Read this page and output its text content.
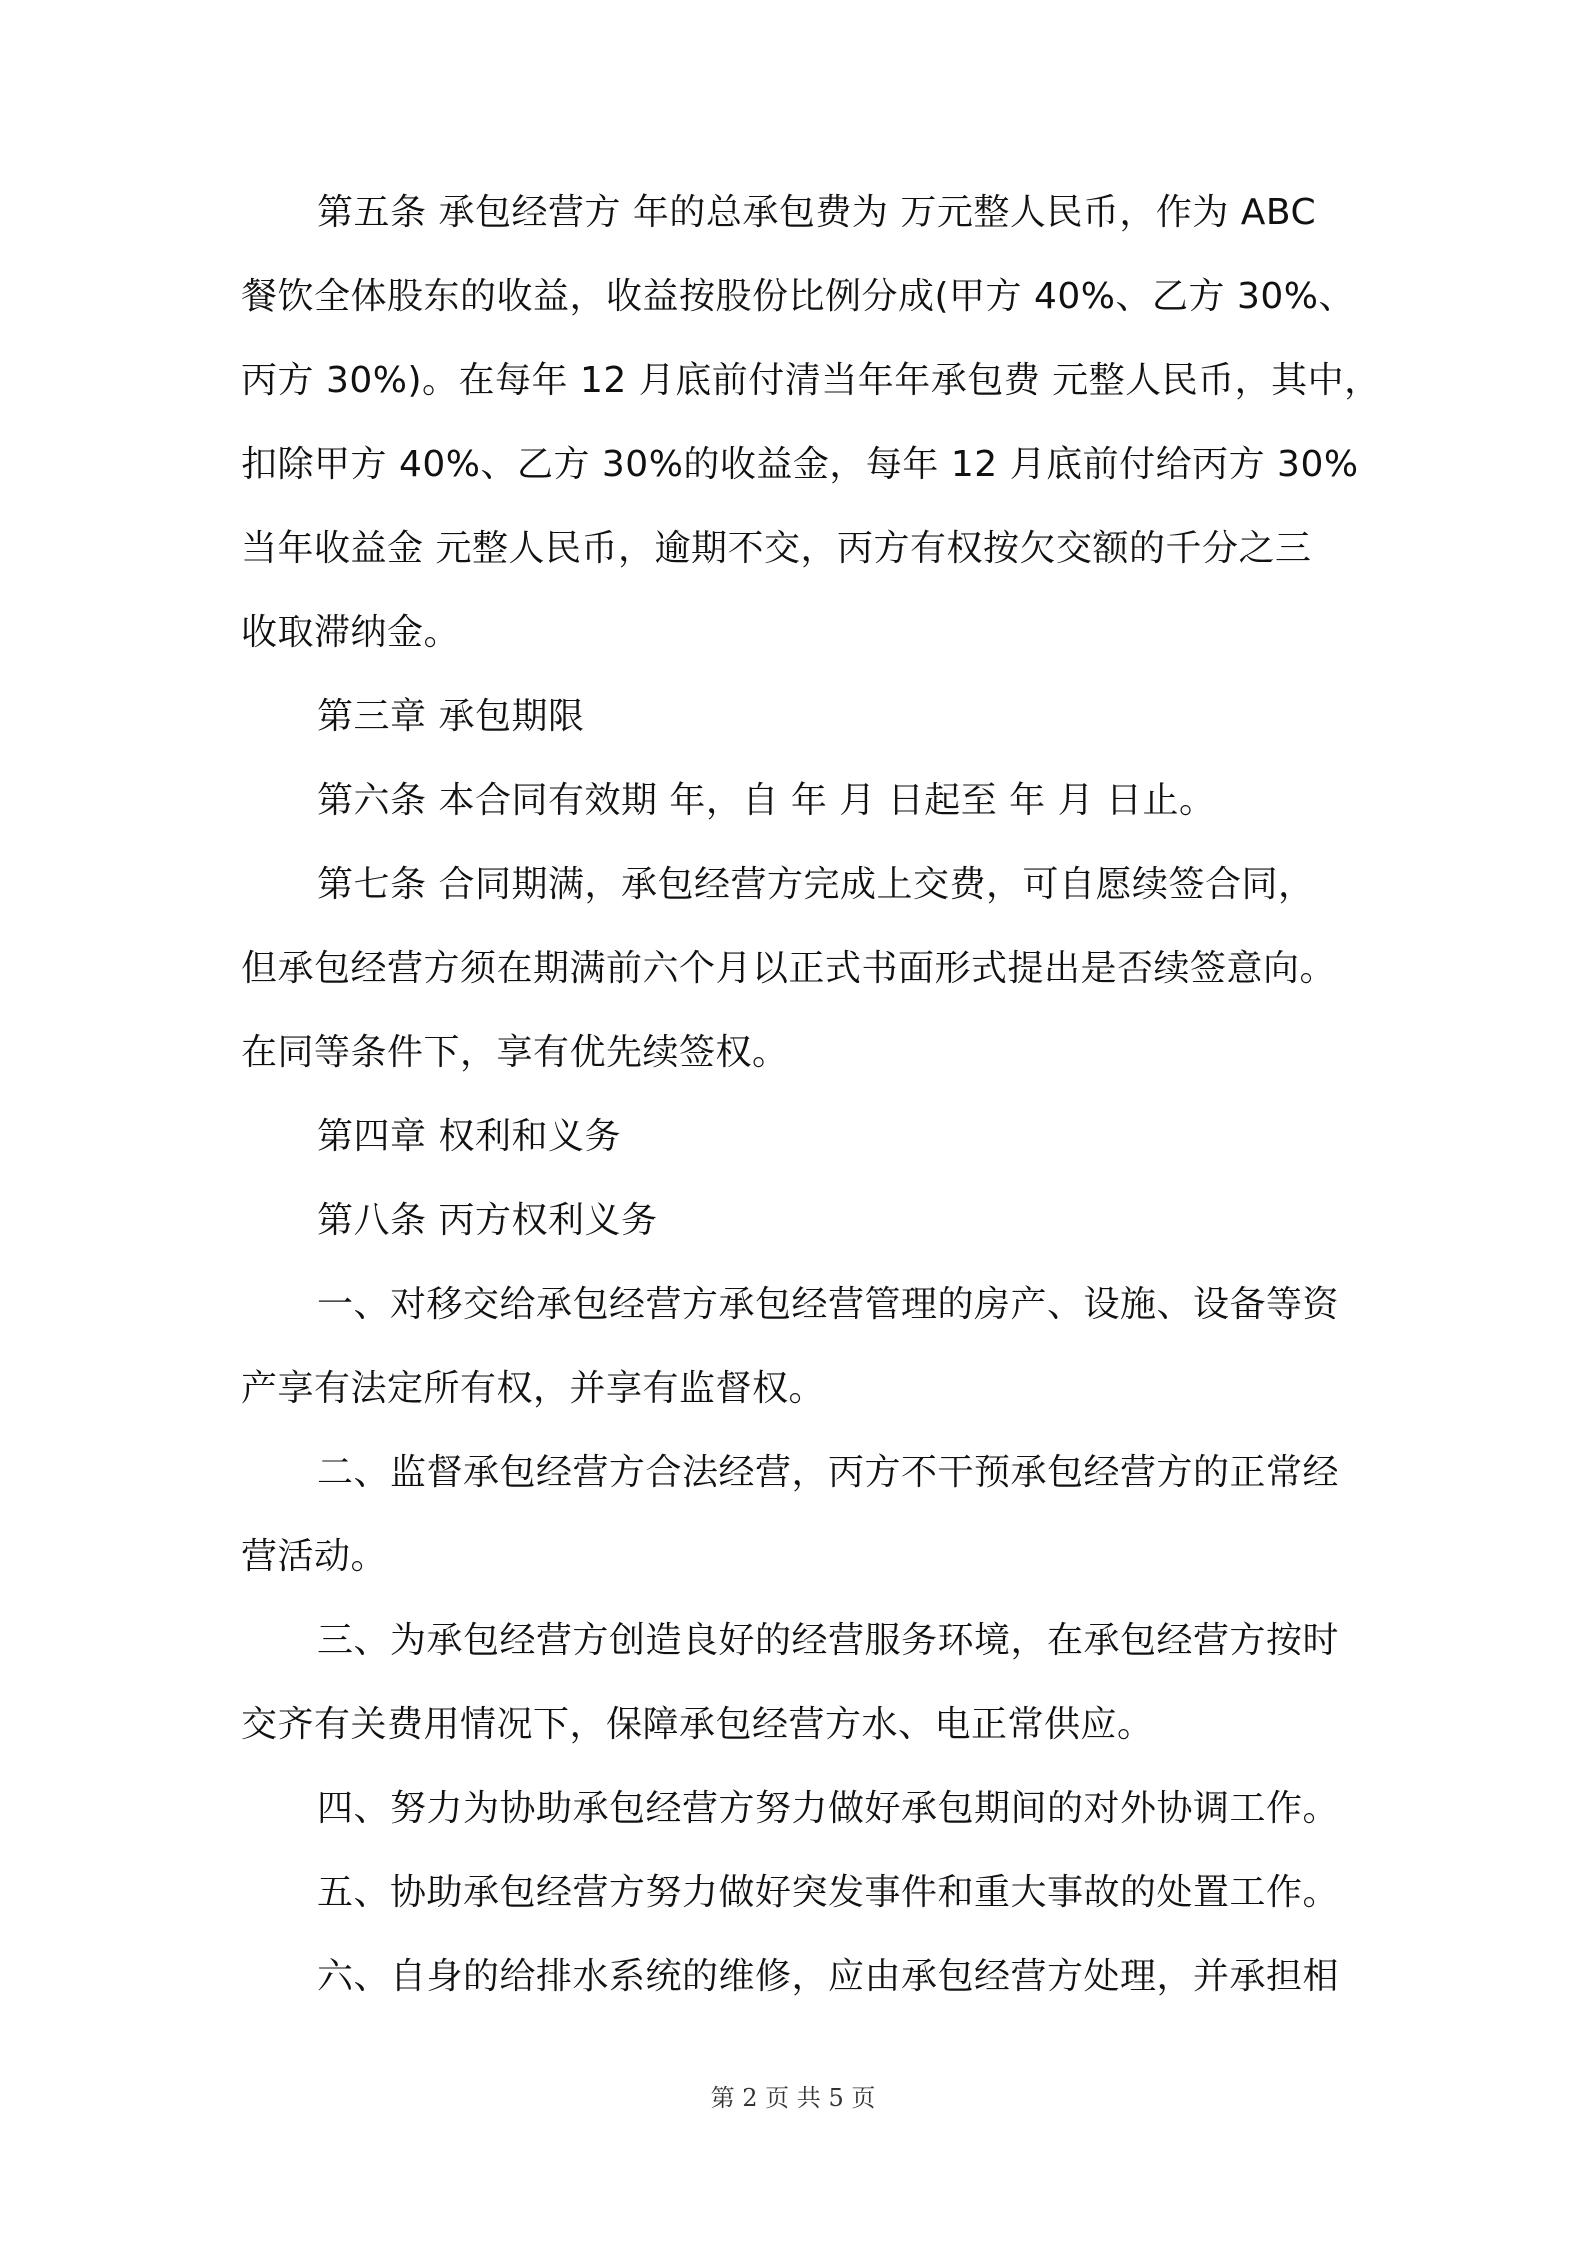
第五条 承包经营方 年的总承包费为 万元整人民币，作为 ABC
餐饮全体股东的收益，收益按股份比例分成(甲方 40%、乙方 30%、
丙方 30%)。在每年 12 月底前付清当年年承包费 元整人民币，其中，
扣除甲方 40%、乙方 30%的收益金，每年 12 月底前付给丙方 30%
当年收益金 元整人民币，逾期不交，丙方有权按欠交额的千分之三
收取滞纳金。
第三章 承包期限
第六条 本合同有效期 年，自 年 月 日起至 年 月 日止。
第七条 合同期满，承包经营方完成上交费，可自愿续签合同，
但承包经营方须在期满前六个月以正式书面形式提出是否续签意向。
在同等条件下，享有优先续签权。
第四章 权利和义务
第八条 丙方权利义务
一、对移交给承包经营方承包经营管理的房产、设施、设备等资
产享有法定所有权，并享有监督权。
二、监督承包经营方合法经营，丙方不干预承包经营方的正常经
营活动。
三、为承包经营方创造良好的经营服务环境，在承包经营方按时
交齐有关费用情况下，保障承包经营方水、电正常供应。
四、努力为协助承包经营方努力做好承包期间的对外协调工作。
五、协助承包经营方努力做好突发事件和重大事故的处置工作。
六、自身的给排水系统的维修，应由承包经营方处理，并承担相
第 2 页 共 5 页
